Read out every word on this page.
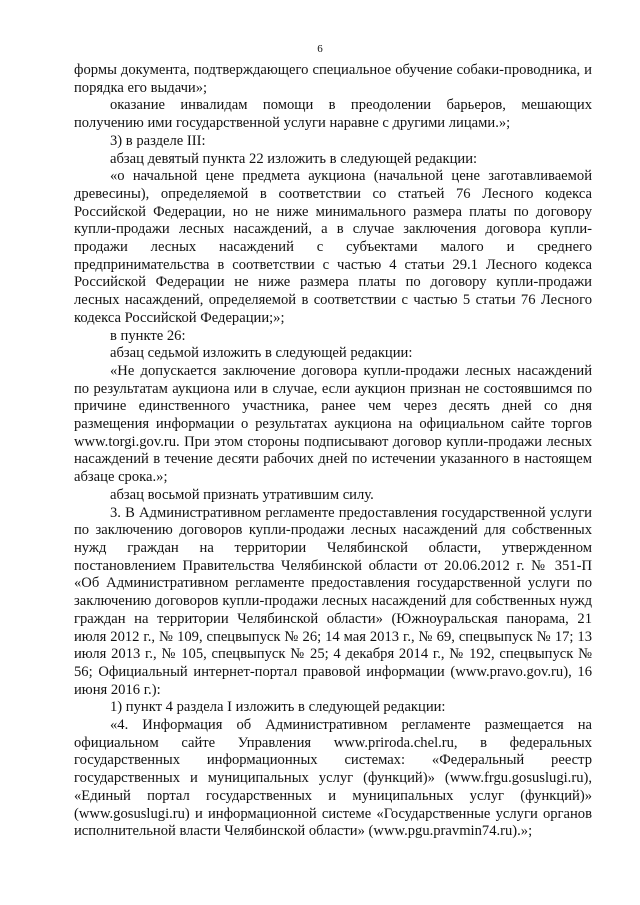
6

формы документа, подтверждающего специальное обучение собаки-проводника, и порядка его выдачи»;

оказание инвалидам помощи в преодолении барьеров, мешающих получению ими государственной услуги наравне с другими лицами.»;

3) в разделе III:

абзац девятый пункта 22 изложить в следующей редакции:

«о начальной цене предмета аукциона (начальной цене заготавливаемой древесины), определяемой в соответствии со статьей 76 Лесного кодекса Российской Федерации, но не ниже минимального размера платы по договору купли-продажи лесных насаждений, а в случае заключения договора купли-продажи лесных насаждений с субъектами малого и среднего предпринимательства в соответствии с частью 4 статьи 29.1 Лесного кодекса Российской Федерации не ниже размера платы по договору купли-продажи лесных насаждений, определяемой в соответствии с частью 5 статьи 76 Лесного кодекса Российской Федерации;»;

в пункте 26:

абзац седьмой изложить в следующей редакции:

«Не допускается заключение договора купли-продажи лесных насаждений по результатам аукциона или в случае, если аукцион признан не состоявшимся по причине единственного участника, ранее чем через десять дней со дня размещения информации о результатах аукциона на официальном сайте торгов www.torgi.gov.ru. При этом стороны подписывают договор купли-продажи лесных насаждений в течение десяти рабочих дней по истечении указанного в настоящем абзаце срока.»;

абзац восьмой признать утратившим силу.

3. В Административном регламенте предоставления государственной услуги по заключению договоров купли-продажи лесных насаждений для собственных нужд граждан на территории Челябинской области, утвержденном постановлением Правительства Челябинской области от 20.06.2012 г. № 351-П «Об Административном регламенте предоставления государственной услуги по заключению договоров купли-продажи лесных насаждений для собственных нужд граждан на территории Челябинской области» (Южноуральская панорама, 21 июля 2012 г., № 109, спецвыпуск № 26; 14 мая 2013 г., № 69, спецвыпуск № 17; 13 июля 2013 г., № 105, спецвыпуск № 25; 4 декабря 2014 г., № 192, спецвыпуск № 56; Официальный интернет-портал правовой информации (www.pravo.gov.ru), 16 июня 2016 г.):

1) пункт 4 раздела I изложить в следующей редакции:

«4. Информация об Административном регламенте размещается на официальном сайте Управления www.priroda.chel.ru, в федеральных государственных информационных системах: «Федеральный реестр государственных и муниципальных услуг (функций)» (www.frgu.gosuslugi.ru), «Единый портал государственных и муниципальных услуг (функций)» (www.gosuslugi.ru) и информационной системе «Государственные услуги органов исполнительной власти Челябинской области» (www.pgu.pravmin74.ru).»;
